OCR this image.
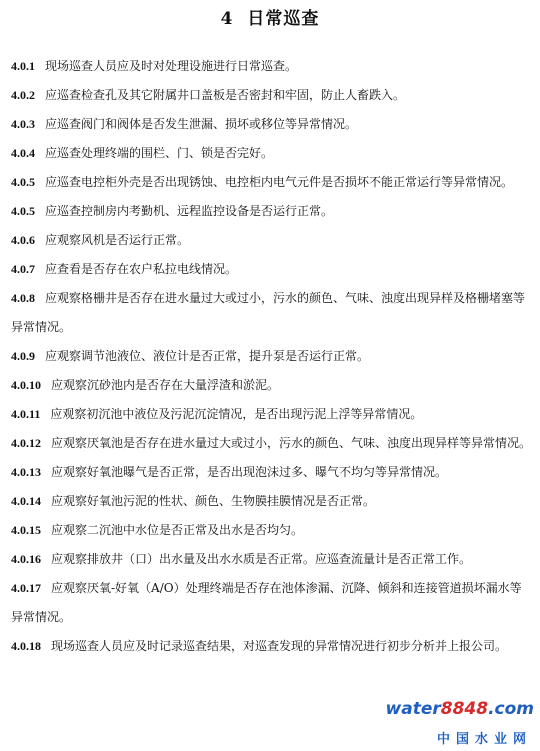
4 日常巡查
4.0.1 现场巡查人员应及时对处理设施进行日常巡查。
4.0.2 应巡查检查孔及其它附属井口盖板是否密封和牢固，防止人畜跌入。
4.0.3 应巡查阀门和阀体是否发生泄漏、损坏或移位等异常情况。
4.0.4 应巡查处理终端的围栏、门、锁是否完好。
4.0.5 应巡查电控柜外壳是否出现锈蚀、电控柜内电气元件是否损坏不能正常运行等异常情况。
4.0.5 应巡查控制房内考勤机、远程监控设备是否运行正常。
4.0.6 应观察风机是否运行正常。
4.0.7 应查看是否存在农户私拉电线情况。
4.0.8 应观察格栅井是否存在进水量过大或过小，污水的颜色、气味、浊度出现异样及格栅堵塞等异常情况。
4.0.9 应观察调节池液位、液位计是否正常，提升泵是否运行正常。
4.0.10 应观察沉砂池内是否存在大量浮渣和淤泥。
4.0.11 应观察初沉池中液位及污泥沉淀情况，是否出现污泥上浮等异常情况。
4.0.12 应观察厌氧池是否存在进水量过大或过小，污水的颜色、气味、浊度出现异样等异常情况。
4.0.13 应观察好氧池曝气是否正常，是否出现泡沫过多、曝气不均匀等异常情况。
4.0.14 应观察好氧池污泥的性状、颜色、生物膜挂膜情况是否正常。
4.0.15 应观察二沉池中水位是否正常及出水是否均匀。
4.0.16 应观察排放井（口）出水量及出水水质是否正常。应巡查流量计是否正常工作。
4.0.17 应观察厌氧-好氧（A/O）处理终端是否存在池体渗漏、沉降、倾斜和连接管道损坏漏水等异常情况。
4.0.18 现场巡查人员应及时记录巡查结果，对巡查发现的异常情况进行初步分析并上报公司。
water8848.com
中国水业网
